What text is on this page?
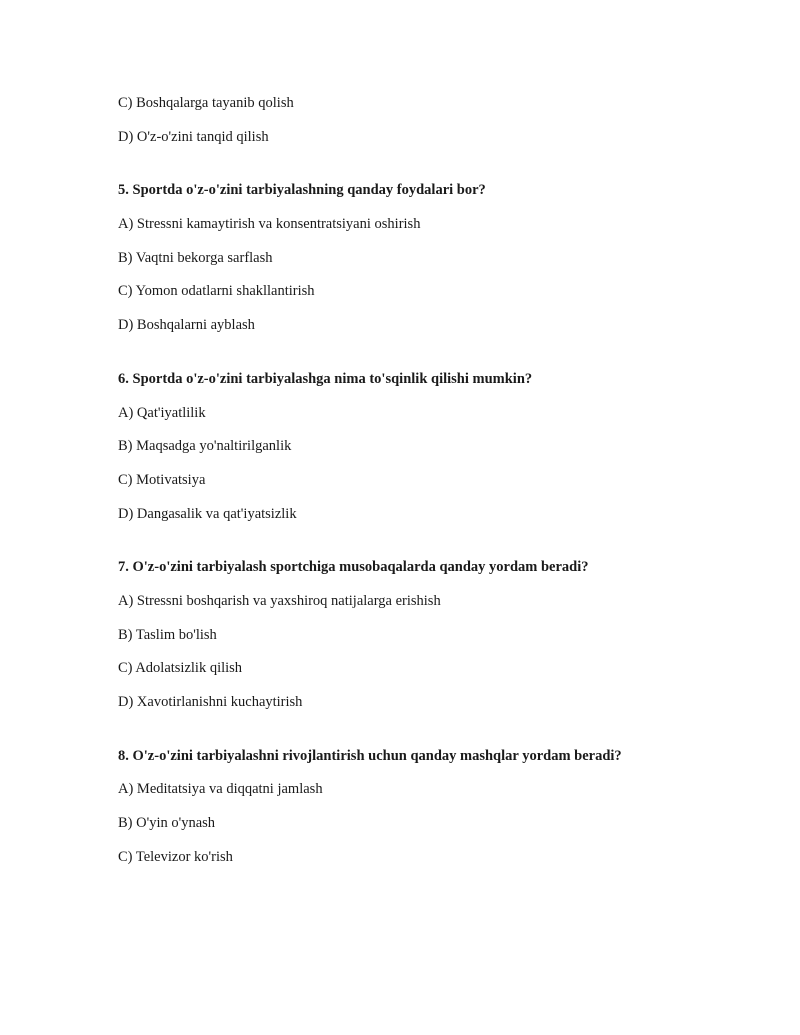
C) Boshqalarga tayanib qolish
D) O'z-o'zini tanqid qilish
5. Sportda o'z-o'zini tarbiyalashning qanday foydalari bor?
A) Stressni kamaytirish va konsentratsiyani oshirish
B) Vaqtni bekorga sarflash
C) Yomon odatlarni shakllantirish
D) Boshqalarni ayblash
6. Sportda o'z-o'zini tarbiyalashga nima to'sqinlik qilishi mumkin?
A) Qat'iyatlilik
B) Maqsadga yo'naltirilganlik
C) Motivatsiya
D) Dangasalik va qat'iyatsizlik
7. O'z-o'zini tarbiyalash sportchiga musobaqalarda qanday yordam beradi?
A) Stressni boshqarish va yaxshiroq natijalarga erishish
B) Taslim bo'lish
C) Adolatsizlik qilish
D) Xavotirlanishni kuchaytirish
8. O'z-o'zini tarbiyalashni rivojlantirish uchun qanday mashqlar yordam beradi?
A) Meditatsiya va diqqatni jamlash
B) O'yin o'ynash
C) Televizor ko'rish
